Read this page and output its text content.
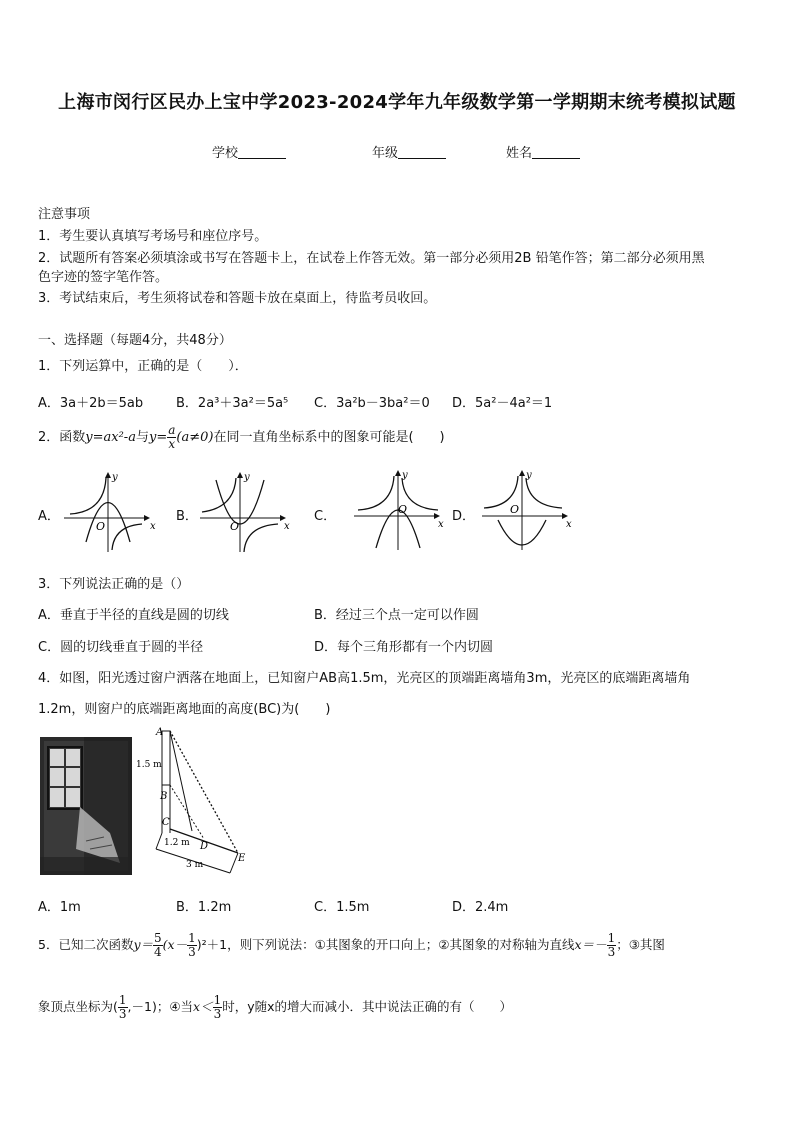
上海市闵行区民办上宝中学2023-2024学年九年级数学第一学期期末统考模拟试题
学校	年级	姓名
注意事项
1．考生要认真填写考场号和座位序号。
2．试题所有答案必须填涂或书写在答题卡上，在试卷上作答无效。第一部分必须用2B 铅笔作答；第二部分必须用黑
色字迹的签字笔作答。
3．考试结束后，考生须将试卷和答题卡放在桌面上，待监考员收回。
一、选择题（每题4分，共48分）
1．下列运算中，正确的是（　　）．
A．3a＋2b＝5ab	B．2a³＋3a²＝5a⁵ C．3a²b－3ba²＝0 D．5a²－4a²＝1
2．函数y=ax²-a与$y= \frac{a}{x} (a\ne 0)$在同一直角坐标系中的图象可能是(　　)
A．	B．	C．	D．
x
y
O	x
y
O	x
y
O
x
y
O
3．下列说法正确的是（）
A．垂直于半径的直线是圆的切线	B．经过三个点一定可以作圆
C．圆的切线垂直于圆的半径	D．每个三角形都有一个内切圆
4．如图，阳光透过窗户洒落在地面上，已知窗户AB高1.5m，光亮区的顶端距离墙角3m，光亮区的底端距离墙角
1.2m，则窗户的底端距离地面的高度(BC)为(　　)
A
B
C
D
E
1.5 m
1.2 m
3 m
A．1m	B．1.2m	C．1.5m	D．2.4m
5．已知二次函数$y= \frac{5}{4} (x- \frac{1}{3} )^2+1$，则下列说法：①其图象的开口向上；②其图象的对称轴为直线$x=- \frac{1}{3}$ ；③其图
象顶点坐标为( $\frac{1}{3} ,-1$)；④当$x< \frac{1}{3}$ 时，y随x的增大而减小．其中说法正确的有（　　）
